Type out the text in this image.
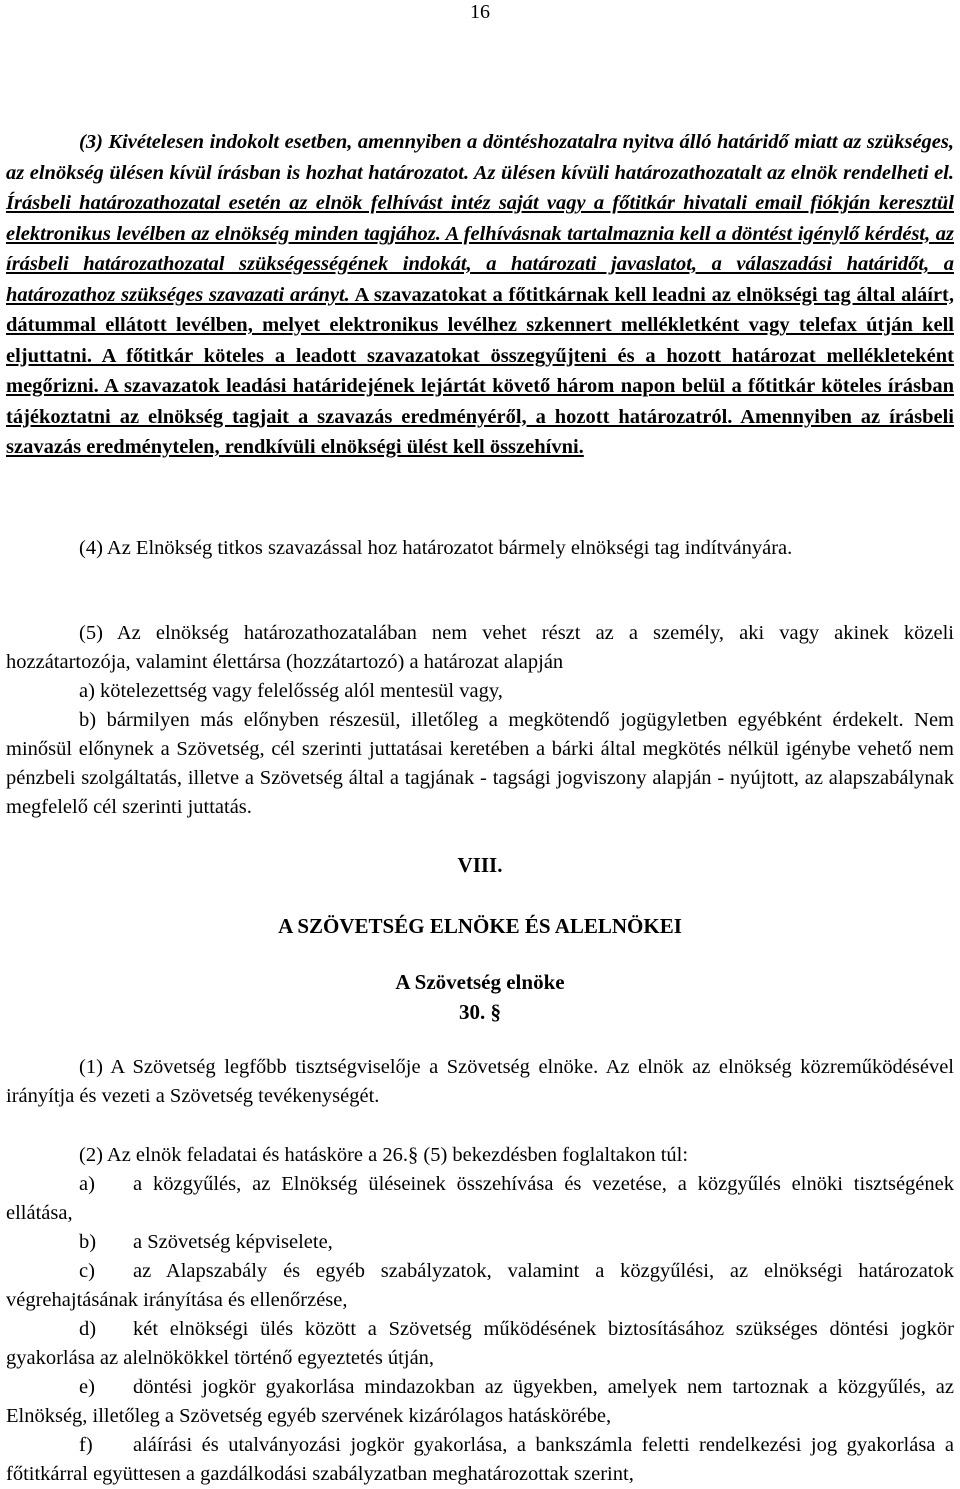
16

(3) Kivételesen indokolt esetben, amennyiben a döntéshozatalra nyitva álló határidő miatt az szükséges, az elnökség ülésen kívül írásban is hozhat határozatot. Az ülésen kívüli határozathozatalt az elnök rendelheti el. Írásbeli határozathozatal esetén az elnök felhívást intéz saját vagy a főtitkár hivatali email fiókján keresztül elektronikus levélben az elnökség minden tagjához. A felhívásnak tartalmaznia kell a döntést igénylő kérdést, az írásbeli határozathozatal szükségességének indokát, a határozati javaslatot, a válaszadási határidőt, a határozathoz szükséges szavazati arányt. A szavazatokat a főtitkárnak kell leadni az elnökségi tag által aláírt, dátummal ellátott levélben, melyet elektronikus levélhez szkennert mellékletként vagy telefax útján kell eljuttatni. A főtitkár köteles a leadott szavazatokat összegyűjteni és a hozott határozat mellékleteként megőrizni. A szavazatok leadási határidejének lejártát követő három napon belül a főtitkár köteles írásban tájékoztatni az elnökség tagjait a szavazás eredményéről, a hozott határozatról. Amennyiben az írásbeli szavazás eredménytelen, rendkívüli elnökségi ülést kell összehívni.

(4) Az Elnökség titkos szavazással hoz határozatot bármely elnökségi tag indítványára.

(5) Az elnökség határozathozatalában nem vehet részt az a személy, aki vagy akinek közeli hozzátartozója, valamint élettársa (hozzátartozó) a határozat alapján

a) kötelezettség vagy felelősség alól mentesül vagy,

b) bármilyen más előnyben részesül, illetőleg a megkötendő jogügyletben egyébként érdekelt. Nem minősül előnynek a Szövetség, cél szerinti juttatásai keretében a bárki által megkötés nélkül igénybe vehető nem pénzbeli szolgáltatás, illetve a Szövetség által a tagjának - tagsági jogviszony alapján - nyújtott, az alapszabálynak megfelelő cél szerinti juttatás.

VIII.
A SZÖVETSÉG ELNÖKE ÉS ALELNÖKEI
A Szövetség elnöke
30. §

(1) A Szövetség legfőbb tisztségviselője a Szövetség elnöke. Az elnök az elnökség közreműködésével irányítja és vezeti a Szövetség tevékenységét.

(2) Az elnök feladatai és hatásköre a 26.§ (5) bekezdésben foglaltakon túl:

a) a közgyűlés, az Elnökség üléseinek összehívása és vezetése, a közgyűlés elnöki tisztségének ellátása,

b) a Szövetség képviselete,

c) az Alapszabály és egyéb szabályzatok, valamint a közgyűlési, az elnökségi határozatok végrehajtásának irányítása és ellenőrzése,

d) két elnökségi ülés között a Szövetség működésének biztosításához szükséges döntési jogkör gyakorlása az alelnökökkel történő egyeztetés útján,

e) döntési jogkör gyakorlása mindazokban az ügyekben, amelyek nem tartoznak a közgyűlés, az Elnökség, illetőleg a Szövetség egyéb szervének kizárólagos hatáskörébe,

f) aláírási és utalványozási jogkör gyakorlása, a bankszámla feletti rendelkezési jog gyakorlása a főtitkárral együttesen a gazdálkodási szabályzatban meghatározottak szerint,
